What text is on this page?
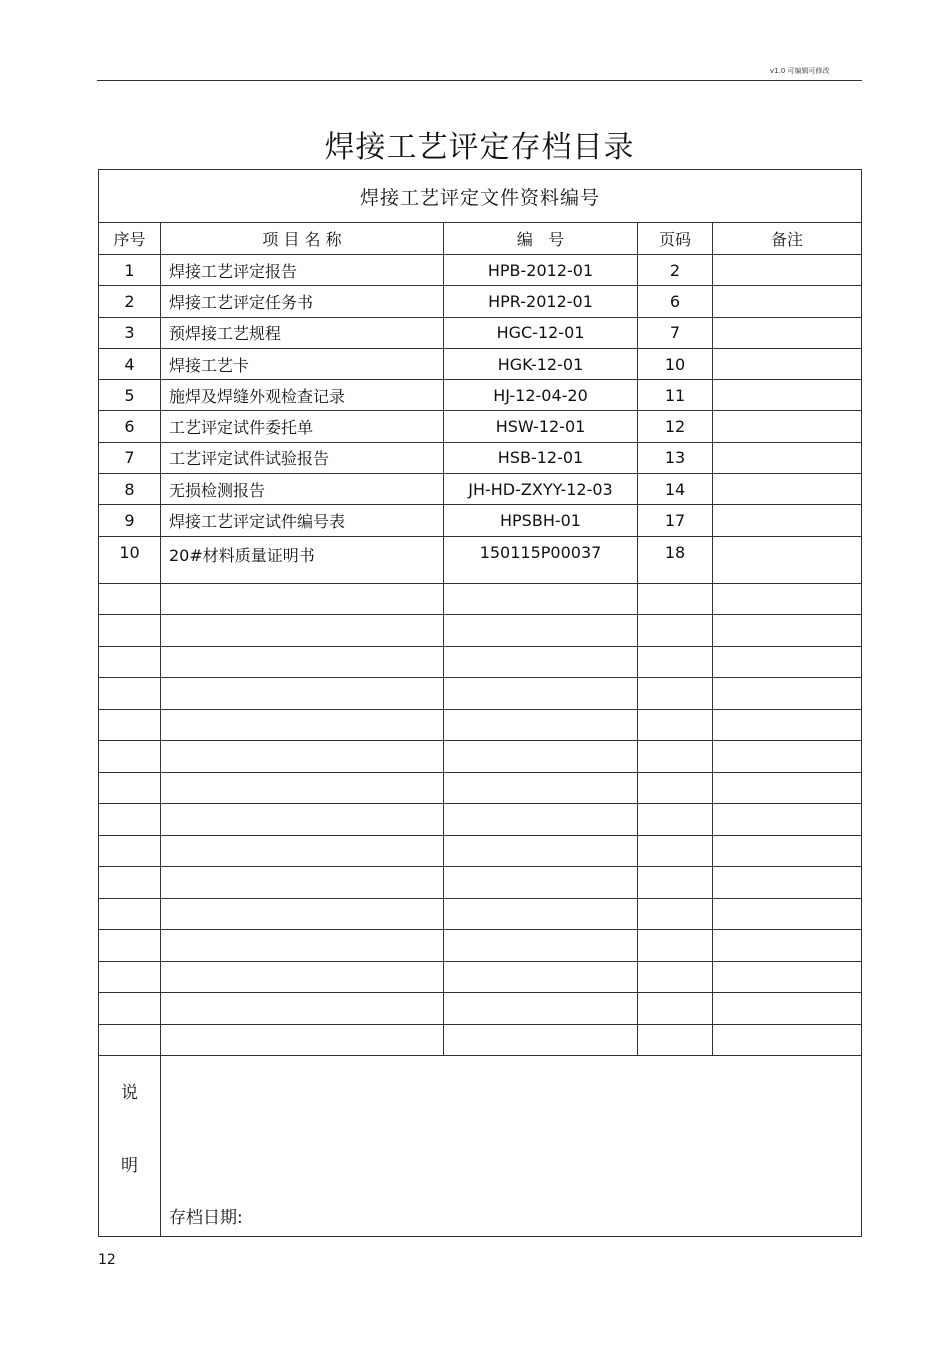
v1.0 可编辑可修改
焊接工艺评定存档目录
焊接工艺评定文件资料编号				
序号	项 目 名 称	编   号	页码	备注
1	焊接工艺评定报告	HPB-2012-01	2	
2	焊接工艺评定任务书	HPR-2012-01	6	
3	预焊接工艺规程	HGC-12-01	7	
4	焊接工艺卡	HGK-12-01	10	
5	施焊及焊缝外观检查记录	HJ-12-04-20	11	
6	工艺评定试件委托单	HSW-12-01	12	
7	工艺评定试件试验报告	HSB-12-01	13	
8	无损检测报告	JH-HD-ZXYY-12-03	14	
9	焊接工艺评定试件编号表	HPSBH-01	17	
10	20#材料质量证明书	150115P00037	18	

说
明	存档日期:			
12
